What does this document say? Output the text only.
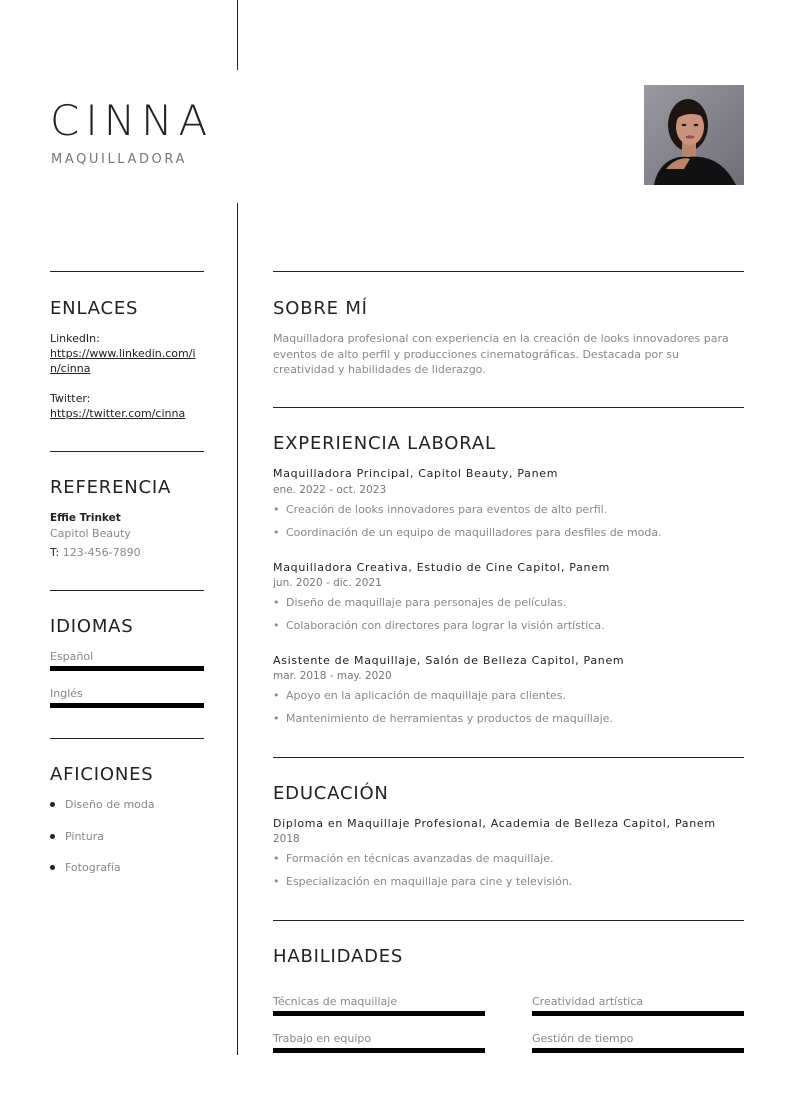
CINNA
MAQUILLADORA
ENLACES
LinkedIn:
https://www.linkedin.com/in/cinna
Twitter:
https://twitter.com/cinna
REFERENCIA
Effie Trinket
Capitol Beauty
T: 123-456-7890
IDIOMAS
Español
Inglés
AFICIONES
Diseño de moda
Pintura
Fotografía
SOBRE MÍ
Maquilladora profesional con experiencia en la creación de looks innovadores para eventos de alto perfil y producciones cinematográficas. Destacada por su creatividad y habilidades de liderazgo.
EXPERIENCIA LABORAL
Maquilladora Principal, Capitol Beauty, Panem
ene. 2022 - oct. 2023
• Creación de looks innovadores para eventos de alto perfil.
• Coordinación de un equipo de maquilladores para desfiles de moda.
Maquilladora Creativa, Estudio de Cine Capitol, Panem
jun. 2020 - dic. 2021
• Diseño de maquillaje para personajes de películas.
• Colaboración con directores para lograr la visión artística.
Asistente de Maquillaje, Salón de Belleza Capitol, Panem
mar. 2018 - may. 2020
• Apoyo en la aplicación de maquillaje para clientes.
• Mantenimiento de herramientas y productos de maquillaje.
EDUCACIÓN
Diploma en Maquillaje Profesional, Academia de Belleza Capitol, Panem
2018
• Formación en técnicas avanzadas de maquillaje.
• Especialización en maquillaje para cine y televisión.
HABILIDADES
Técnicas de maquillaje	Creatividad artística
Trabajo en equipo	Gestión de tiempo
